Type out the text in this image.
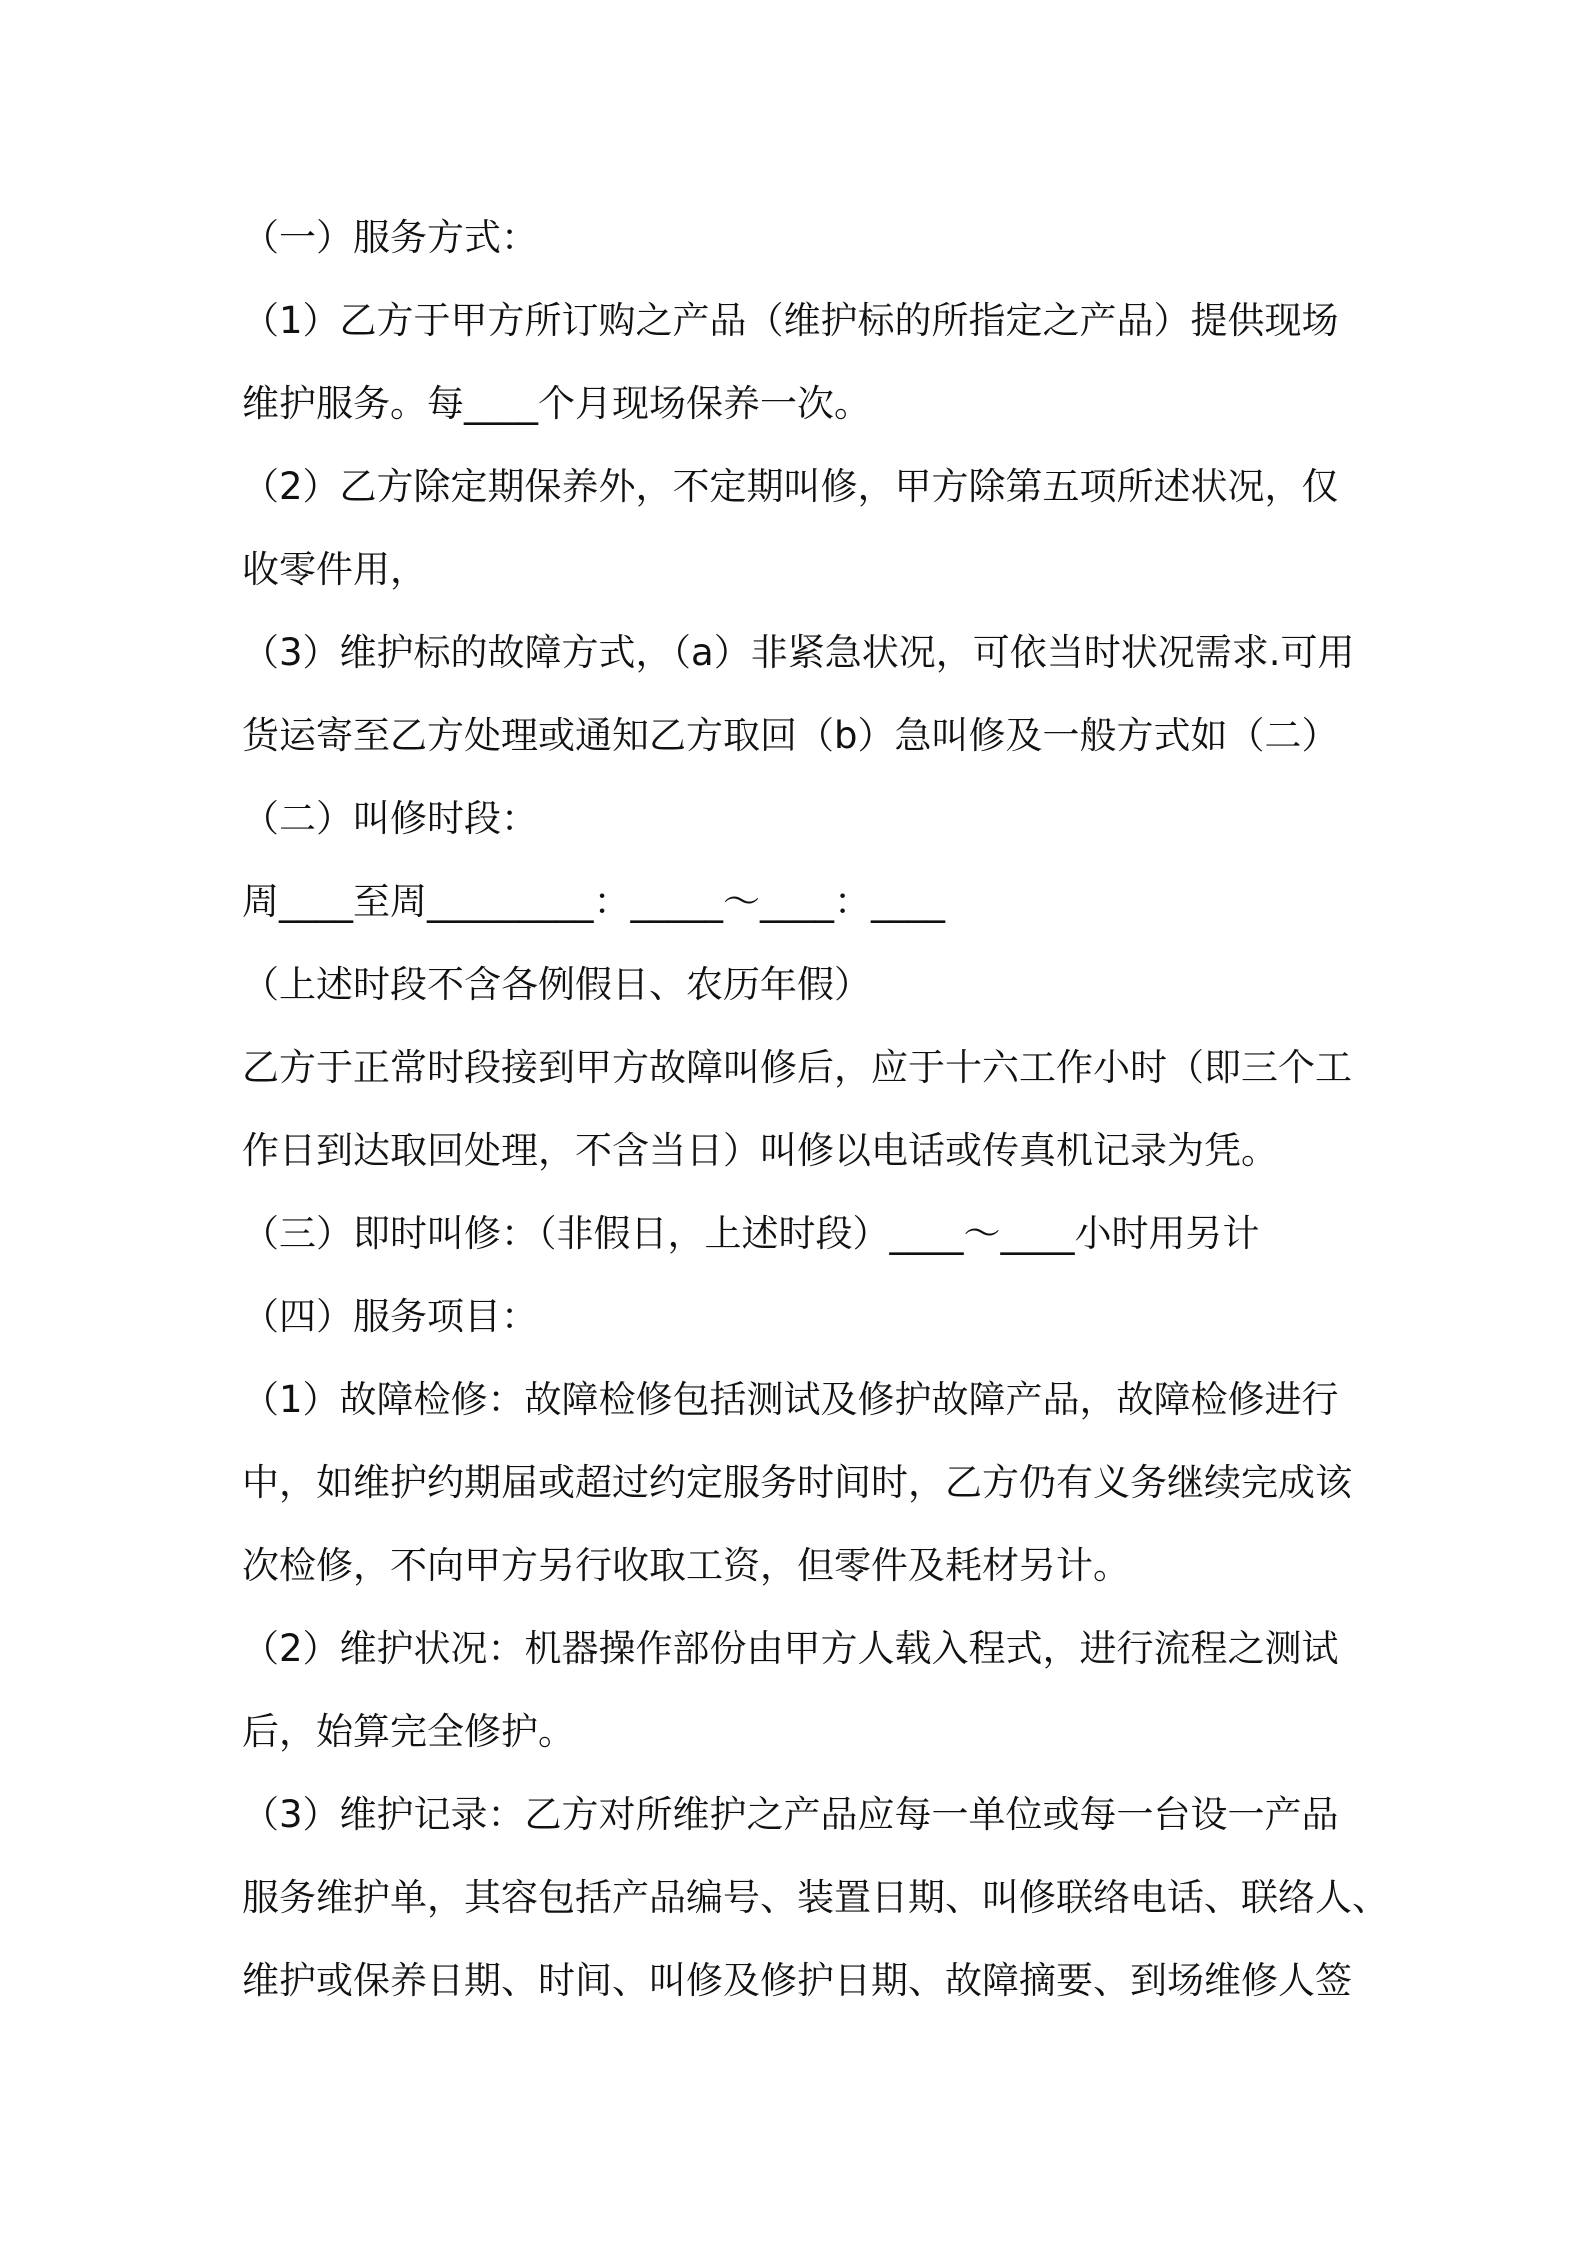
（一）服务方式：
（1）乙方于甲方所订购之产品（维护标的所指定之产品）提供现场
维护服务。每____个月现场保养一次。
（2）乙方除定期保养外，不定期叫修，甲方除第五项所述状况，仅
收零件用，
（3）维护标的故障方式，（a）非紧急状况，可依当时状况需求.可用
货运寄至乙方处理或通知乙方取回（b）急叫修及一般方式如（二）
（二）叫修时段：
周____至周_________：_____～____：____
（上述时段不含各例假日、农历年假）
乙方于正常时段接到甲方故障叫修后，应于十六工作小时（即三个工
作日到达取回处理，不含当日）叫修以电话或传真机记录为凭。
（三）即时叫修：（非假日，上述时段）____～____小时用另计
（四）服务项目：
（1）故障检修：故障检修包括测试及修护故障产品，故障检修进行
中，如维护约期届或超过约定服务时间时，乙方仍有义务继续完成该
次检修，不向甲方另行收取工资，但零件及耗材另计。
（2）维护状况：机器操作部份由甲方人载入程式，进行流程之测试
后，始算完全修护。
（3）维护记录：乙方对所维护之产品应每一单位或每一台设一产品
服务维护单，其容包括产品编号、装置日期、叫修联络电话、联络人、
维护或保养日期、时间、叫修及修护日期、故障摘要、到场维修人签
